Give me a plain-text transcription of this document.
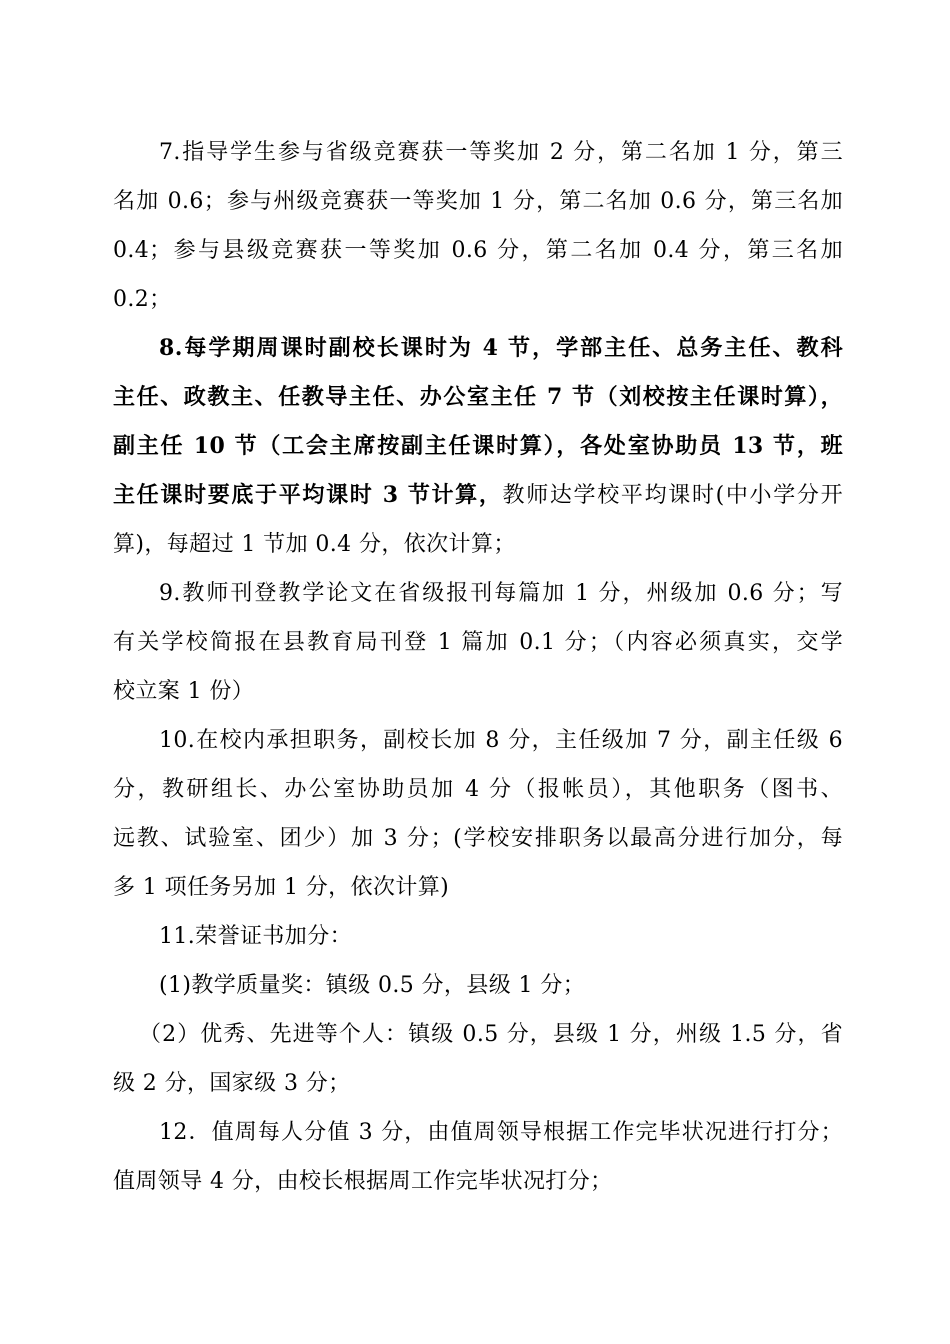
7.指导学生参与省级竞赛获一等奖加 2 分，第二名加 1 分，第三
名加 0.6；参与州级竞赛获一等奖加 1 分，第二名加 0.6 分，第三名加
0.4；参与县级竞赛获一等奖加 0.6 分，第二名加 0.4 分，第三名加
0.2；
8.每学期周课时副校长课时为 4 节，学部主任、总务主任、教科
主任、政教主、任教导主任、办公室主任 7 节（刘校按主任课时算），
副主任 10 节（工会主席按副主任课时算），各处室协助员 13 节，班
主任课时要底于平均课时 3 节计算，教师达学校平均课时(中小学分开
算)，每超过 1 节加 0.4 分，依次计算；
9.教师刊登教学论文在省级报刊每篇加 1 分，州级加 0.6 分；写
有关学校简报在县教育局刊登 1 篇加 0.1 分；（内容必须真实，交学
校立案 1 份）
10.在校内承担职务，副校长加 8 分，主任级加 7 分，副主任级 6
分，教研组长、办公室协助员加 4 分（报帐员），其他职务（图书、
远教、试验室、团少）加 3 分；(学校安排职务以最高分进行加分，每
多 1 项任务另加 1 分，依次计算)
11.荣誉证书加分：
(1)教学质量奖：镇级 0.5 分，县级 1 分；
（2）优秀、先进等个人：镇级 0.5 分，县级 1 分，州级 1.5 分，省
级 2 分，国家级 3 分；
12．值周每人分值 3 分，由值周领导根据工作完毕状况进行打分；
值周领导 4 分，由校长根据周工作完毕状况打分；
